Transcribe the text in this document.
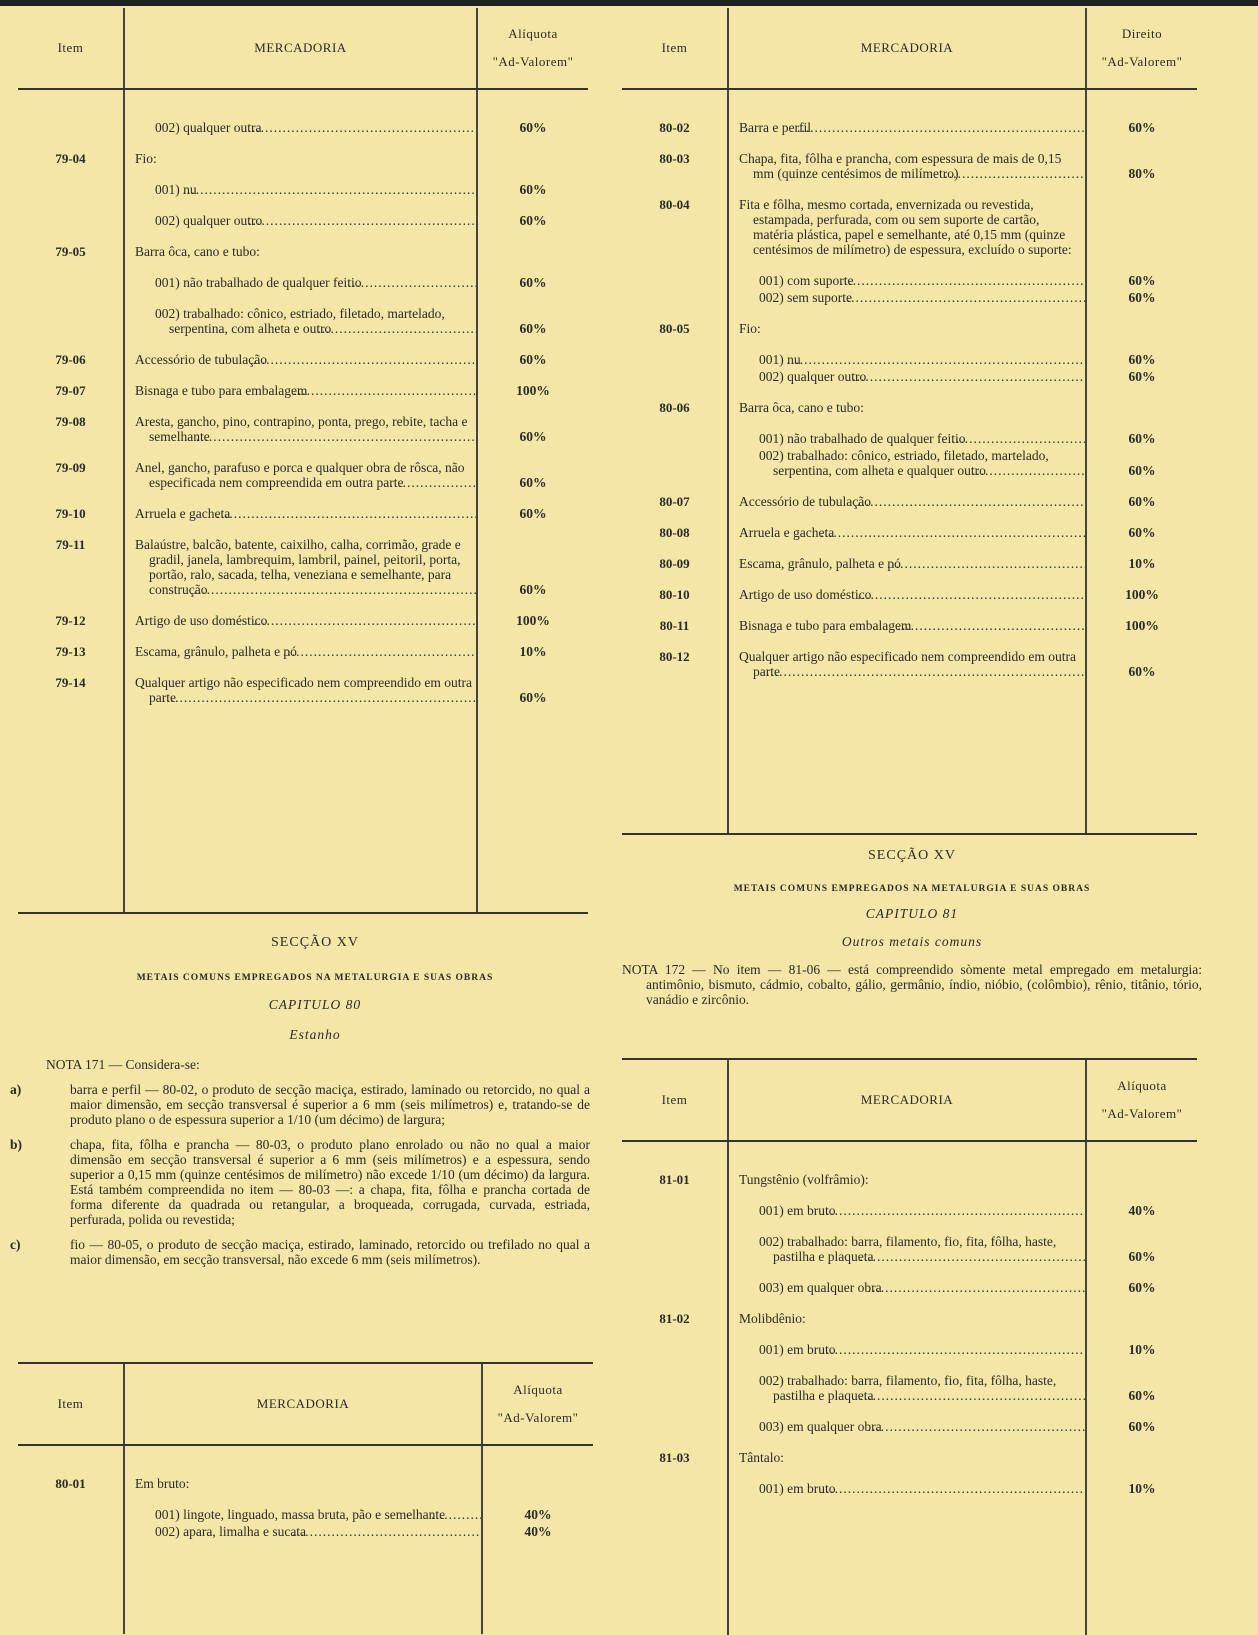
Item	MERCADORIA
Alíquota
"Ad-Valorem"
002) qualquer outra .....	60%
79-04	Fio:
001) nu .....	60%
002) qualquer outro .....	60%
79-05	Barra ôca, cano e tubo:
001) não trabalhado de qualquer feitio .....	60%
002) trabalhado: cônico, estriado, filetado, martelado, serpentina, com alheta e outro .....	60%
79-06	Accessório de tubulação .....	60%
79-07	Bisnaga e tubo para embalagem .....	100%
79-08	Aresta, gancho, pino, contrapino, ponta, prego, rebite, tacha e semelhante .....	60%
79-09	Anel, gancho, parafuso e porca e qualquer obra de rôsca, não especificada nem compreendida em outra parte .....	60%
79-10	Arruela e gacheta .....	60%
79-11	Balaústre, balcão, batente, caixilho, calha, corrimão, grade e gradil, janela, lambrequim, lambril, painel, peitoril, porta, portão, ralo, sacada, telha, veneziana e semelhante, para construção .....	60%
79-12	Artigo de uso doméstico .....	100%
79-13	Escama, grânulo, palheta e pó .....	10%
79-14	Qualquer artigo não especificado nem compreendido em outra parte .....	60%

SECÇÃO XV

METAIS COMUNS EMPREGADOS NA METALURGIA E SUAS OBRAS

CAPITULO 80

Estanho

NOTA 171 — Considera-se:

a)	barra e perfil — 80-02, o produto de secção maciça, estirado, laminado ou retorcido, no qual a maior dimensão, em secção transversal é superior a 6 mm (seis milímetros) e, tratando-se de produto plano o de espessura superior a 1/10 (um décimo) de largura;

b)	chapa, fita, fôlha e prancha — 80-03, o produto plano enrolado ou não no qual a maior dimensão em secção transversal é superior a 6 mm (seis milímetros) e a espessura, sendo superior a 0,15 mm (quinze centésimos de milímetro) não excede 1/10 (um décimo) da largura. Está também compreendida no item — 80-03 —: a chapa, fita, fôlha e prancha cortada de forma diferente da quadrada ou retangular, a broqueada, corrugada, curvada, estriada, perfurada, polida ou revestida;

c)	fio — 80-05, o produto de secção maciça, estirado, laminado, retorcido ou trefilado no qual a maior dimensão, em secção transversal, não excede 6 mm (seis milímetros).

Item	MERCADORIA
Alíquota
"Ad-Valorem"
80-01	Em bruto:
001) lingote, linguado, massa bruta, pão e semelhante .....	40%
002) apara, limalha e sucata .....	40%
Item	MERCADORIA
Direito
"Ad-Valorem"
80-02	Barra e perfil .....	60%
80-03	Chapa, fita, fôlha e prancha, com espessura de mais de 0,15 mm (quinze centésimos de milímetro) .....	80%
80-04	Fita e fôlha, mesmo cortada, envernizada ou revestida, estampada, perfurada, com ou sem suporte de cartão, matéria plástica, papel e semelhante, até 0,15 mm (quinze centésimos de milímetro) de espessura, excluído o suporte:
001) com suporte .....	60%
002) sem suporte .....	60%
80-05	Fio:
001) nu .....	60%
002) qualquer outro .....	60%
80-06	Barra ôca, cano e tubo:
001) não trabalhado de qualquer feitio .....	60%
002) trabalhado: cônico, estriado, filetado, martelado, serpentina, com alheta e qualquer outro .....	60%
80-07	Accessório de tubulação .....	60%
80-08	Arruela e gacheta .....	60%
80-09	Escama, grânulo, palheta e pó .....	10%
80-10	Artigo de uso doméstico .....	100%
80-11	Bisnaga e tubo para embalagem .....	100%
80-12	Qualquer artigo não especificado nem compreendido em outra parte .....	60%

SECÇÃO XV

METAIS COMUNS EMPREGADOS NA METALURGIA E SUAS OBRAS

CAPITULO 81

Outros metais comuns

NOTA 172 — No item — 81-06 — está compreendido sòmente metal empregado em metalurgia: antimônio, bismuto, cádmio, cobalto, gálio, germânio, índio, nióbio, (colômbio), rênio, titânio, tório, vanádio e zircônio.

Item	MERCADORIA
Alíquota
"Ad-Valorem"
81-01	Tungstênio (volfrâmio):
001) em bruto .....	40%
002) trabalhado: barra, filamento, fio, fita, fôlha, haste, pastilha e plaqueta .....	60%
003) em qualquer obra .....	60%
81-02	Molibdênio:
001) em bruto .....	10%
002) trabalhado: barra, filamento, fio, fita, fôlha, haste, pastilha e plaqueta .....	60%
003) em qualquer obra .....	60%
81-03	Tântalo:
001) em bruto .....	10%
